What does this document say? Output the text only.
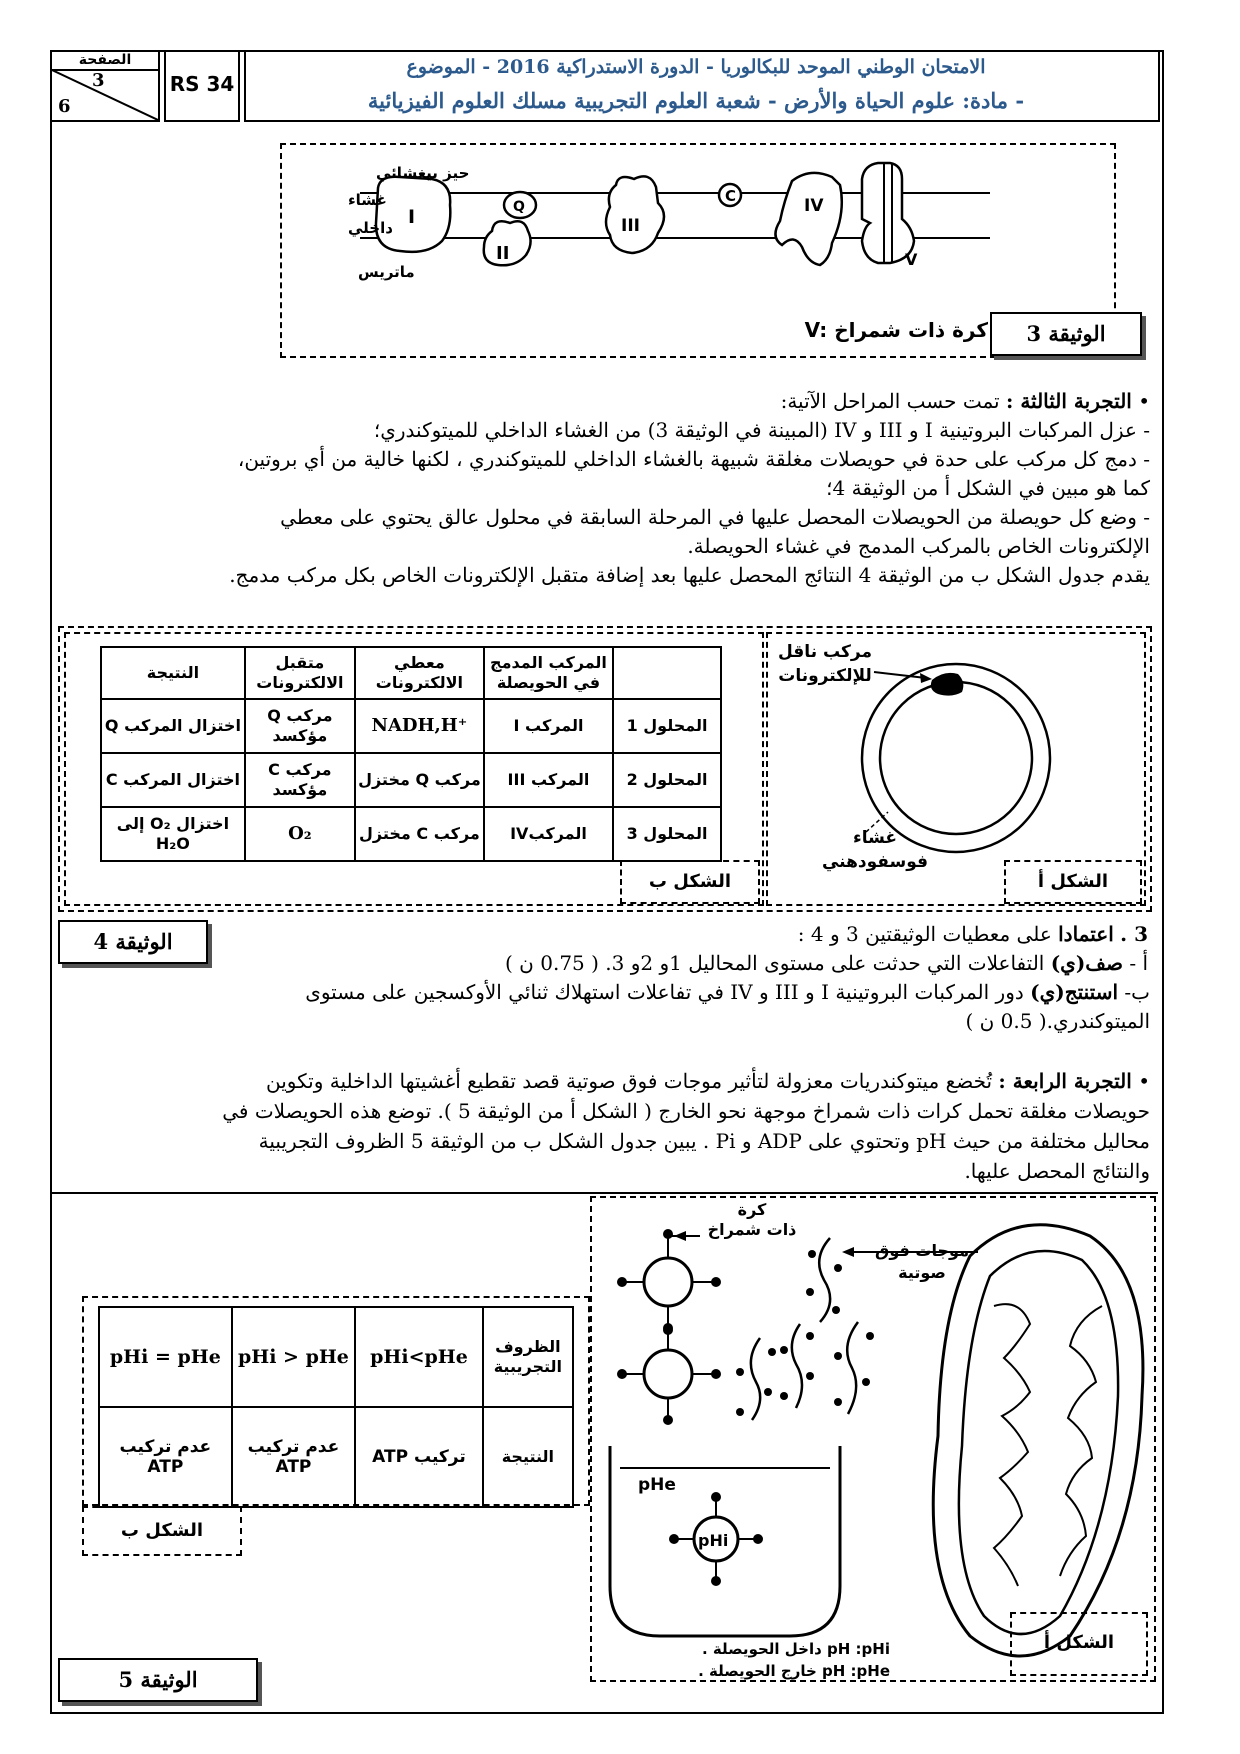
الصفحة
3
6
RS 34
الامتحان الوطني الموحد للبكالوريا - الدورة الاستدراكية 2016 - الموضوع
- مادة: علوم الحياة والأرض - شعبة العلوم التجريبية مسلك العلوم الفيزيائية
حيز بيغشائي
غشاء
داخلي
ماتريس
I	Q
II
III
C	IV
V
V: كرة ذات شمراخ	الوثيقة 3

• التجربة الثالثة : تمت حسب المراحل الآتية:

- عزل المركبات البروتينية I و III و IV (المبينة في الوثيقة 3) من الغشاء الداخلي للميتوكندري؛

- دمج كل مركب على حدة في حويصلات مغلقة شبيهة بالغشاء الداخلي للميتوكندري ، لكنها خالية من أي بروتين،

كما هو مبين في الشكل أ من الوثيقة 4؛

- وضع كل حويصلة من الحويصلات المحصل عليها في المرحلة السابقة في محلول عالق يحتوي على معطي

الإلكترونات الخاص بالمركب المدمج في غشاء الحويصلة.

يقدم جدول الشكل ب من الوثيقة 4 النتائج المحصل عليها بعد إضافة متقبل الإلكترونات الخاص بكل مركب مدمج.

	المركب المدمج في الحويصلة	معطي الالكترونات	متقبل الالكترونات	النتيجة
المحلول 1	المركب I	NADH,H⁺	مركب Q مؤكسد	اختزال المركب Q
المحلول 2	المركب III	مركب Q مختزل	مركب C مؤكسد	اختزال المركب C
المحلول 3	المركبIV	مركب C مختزل	O₂	اختزال O₂ إلى H₂O
الشكل ب
مركب ناقل
للإلكترونات
غشاء
فوسفودهني
الشكل أ
الوثيقة 4	3 . اعتمادا على معطيات الوثيقتين 3 و 4 :

أ - صف(ي) التفاعلات التي حدثت على مستوى المحاليل 1و 2و 3. ( 0.75 ن )

ب- استنتج(ي) دور المركبات البروتينية I و III و IV في تفاعلات استهلاك ثنائي الأوكسجين على مستوى

الميتوكندري.( 0.5 ن )

• التجربة الرابعة : تُخضع ميتوكندريات معزولة لتأثير موجات فوق صوتية قصد تقطيع أغشيتها الداخلية وتكوين

حويصلات مغلقة تحمل كرات ذات شمراخ موجهة نحو الخارج ( الشكل أ من الوثيقة 5 ). توضع هذه الحويصلات في

محاليل مختلفة من حيث pH وتحتوي على ADP و Pi . يبين جدول الشكل ب من الوثيقة 5 الظروف التجريبية

والنتائج المحصل عليها.

الظروف التجريبية	pHi<pHe	pHi > pHe	pHi = pHe
النتيجة	تركيب ATP	عدم تركيب ATP	عدم تركيب ATP
الشكل ب	pHi
pHe
كرة
ذات شمراخ
موجات فوق
صوتية
pH :pHi داخل الحويصلة .
pH :pHe خارج الحويصلة .
الشكل أ
الوثيقة 5
